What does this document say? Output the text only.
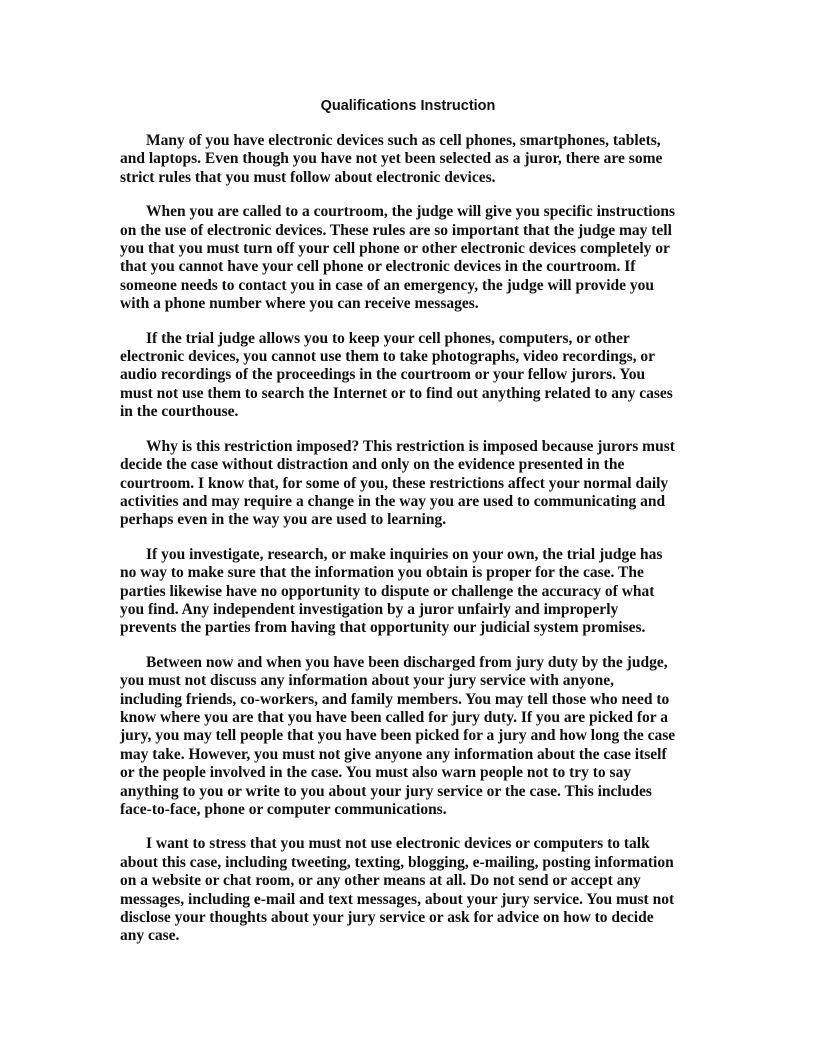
Qualifications Instruction
Many of you have electronic devices such as cell phones, smartphones, tablets,
and laptops. Even though you have not yet been selected as a juror, there are some
strict rules that you must follow about electronic devices.
When you are called to a courtroom, the judge will give you specific instructions
on the use of electronic devices. These rules are so important that the judge may tell
you that you must turn off your cell phone or other electronic devices completely or
that you cannot have your cell phone or electronic devices in the courtroom. If
someone needs to contact you in case of an emergency, the judge will provide you
with a phone number where you can receive messages.
If the trial judge allows you to keep your cell phones, computers, or other
electronic devices, you cannot use them to take photographs, video recordings, or
audio recordings of the proceedings in the courtroom or your fellow jurors. You
must not use them to search the Internet or to find out anything related to any cases
in the courthouse.
Why is this restriction imposed? This restriction is imposed because jurors must
decide the case without distraction and only on the evidence presented in the
courtroom. I know that, for some of you, these restrictions affect your normal daily
activities and may require a change in the way you are used to communicating and
perhaps even in the way you are used to learning.
If you investigate, research, or make inquiries on your own, the trial judge has
no way to make sure that the information you obtain is proper for the case. The
parties likewise have no opportunity to dispute or challenge the accuracy of what
you find. Any independent investigation by a juror unfairly and improperly
prevents the parties from having that opportunity our judicial system promises.
Between now and when you have been discharged from jury duty by the judge,
you must not discuss any information about your jury service with anyone,
including friends, co-workers, and family members. You may tell those who need to
know where you are that you have been called for jury duty. If you are picked for a
jury, you may tell people that you have been picked for a jury and how long the case
may take. However, you must not give anyone any information about the case itself
or the people involved in the case. You must also warn people not to try to say
anything to you or write to you about your jury service or the case. This includes
face-to-face, phone or computer communications.
I want to stress that you must not use electronic devices or computers to talk
about this case, including tweeting, texting, blogging, e-mailing, posting information
on a website or chat room, or any other means at all. Do not send or accept any
messages, including e-mail and text messages, about your jury service. You must not
disclose your thoughts about your jury service or ask for advice on how to decide
any case.
